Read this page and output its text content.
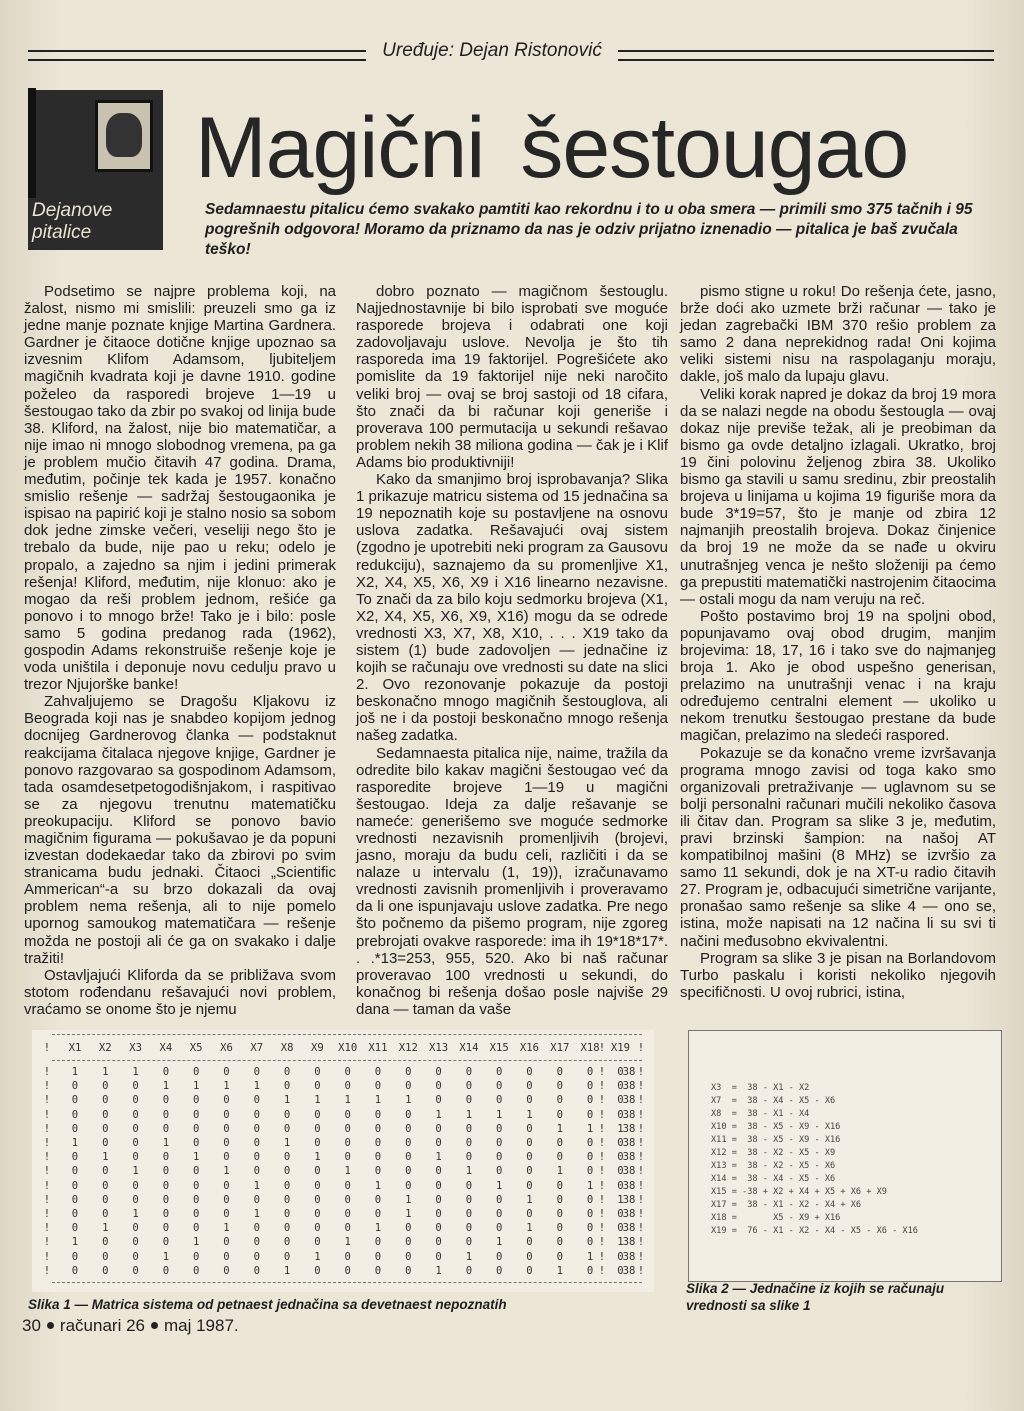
Uređuje: Dejan Ristonović
Dejanove
pitalice
Magični šestougao
Sedamnaestu pitalicu ćemo svakako pamtiti kao rekordnu i to u oba smera — primili smo 375 tačnih i 95 pogrešnih odgovora! Moramo da priznamo da nas je odziv prijatno iznenadio — pitalica je baš zvučala teško!

Podsetimo se najpre problema koji, na žalost, nismo mi smislili: preuzeli smo ga iz jedne manje poznate knjige Martina Gardnera. Gardner je čitaoce dotične knjige upoznao sa izvesnim Klifom Adamsom, ljubiteljem magičnih kvadrata koji je davne 1910. godine poželeo da rasporedi brojeve 1—19 u šestougao tako da zbir po svakoj od linija bude 38. Kliford, na žalost, nije bio matematičar, a nije imao ni mnogo slobodnog vremena, pa ga je problem mučio čitavih 47 godina. Drama, međutim, počinje tek kada je 1957. konačno smislio rešenje — sadržaj šestougaonika je ispisao na papirić koji je stalno nosio sa sobom dok jedne zimske večeri, veseliji nego što je trebalo da bude, nije pao u reku; odelo je propalo, a zajedno sa njim i jedini primerak rešenja! Kliford, međutim, nije klonuo: ako je mogao da reši problem jednom, rešiće ga ponovo i to mnogo brže! Tako je i bilo: posle samo 5 godina predanog rada (1962), gospodin Adams rekonstruiše rešenje koje je voda uništila i deponuje novu cedulju pravo u trezor Njujorške banke!

Zahvaljujemo se Dragošu Kljakovu iz Beograda koji nas je snabdeo kopijom jednog docnijeg Gardnerovog članka — podstaknut reakcijama čitalaca njegove knjige, Gardner je ponovo razgovarao sa gospodinom Adamsom, tada osamdesetpetogodišnjakom, i raspitivao se za njegovu trenutnu matematičku preokupaciju. Kliford se ponovo bavio magičnim figurama — pokušavao je da popuni izvestan dodekaedar tako da zbirovi po svim stranicama budu jednaki. Čitaoci „Scientific Ammerican“-a su brzo dokazali da ovaj problem nema rešenja, ali to nije pomelo upornog samoukog matematičara — rešenje možda ne postoji ali će ga on svakako i dalje tražiti!

Ostavljajući Kliforda da se približava svom stotom rođendanu rešavajući novi problem, vraćamo se onome što je njemu

dobro poznato — magičnom šestouglu. Najjednostavnije bi bilo isprobati sve moguće rasporede brojeva i odabrati one koji zadovoljavaju uslove. Nevolja je što tih rasporeda ima 19 faktorijel. Pogrešićete ako pomislite da 19 faktorijel nije neki naročito veliki broj — ovaj se broj sastoji od 18 cifara, što znači da bi računar koji generiše i proverava 100 permutacija u sekundi rešavao problem nekih 38 miliona godina — čak je i Klif Adams bio produktivniji!

Kako da smanjimo broj isprobavanja? Slika 1 prikazuje matricu sistema od 15 jednačina sa 19 nepoznatih koje su postavljene na osnovu uslova zadatka. Rešavajući ovaj sistem (zgodno je upotrebiti neki program za Gausovu redukciju), saznajemo da su promenljive X1, X2, X4, X5, X6, X9 i X16 linearno nezavisne. To znači da za bilo koju sedmorku brojeva (X1, X2, X4, X5, X6, X9, X16) mogu da se odrede vrednosti X3, X7, X8, X10, . . . X19 tako da sistem (1) bude zadovoljen — jednačine iz kojih se računaju ove vrednosti su date na slici 2. Ovo rezonovanje pokazuje da postoji beskonačno mnogo magičnih šestouglova, ali još ne i da postoji beskonačno mnogo rešenja našeg zadatka.

Sedamnaesta pitalica nije, naime, tražila da odredite bilo kakav magični šestougao već da rasporedite brojeve 1—19 u magični šestougao. Ideja za dalje rešavanje se nameće: generišemo sve moguće sedmorke vrednosti nezavisnih promenljivih (brojevi, jasno, moraju da budu celi, različiti i da se nalaze u intervalu (1, 19)), izračunavamo vrednosti zavisnih promenljivih i proveravamo da li one ispunjavaju uslove zadatka. Pre nego što počnemo da pišemo program, nije zgoreg prebrojati ovakve rasporede: ima ih 19*18*17*. . .*13=253, 955, 520. Ako bi naš računar proveravao 100 vrednosti u sekundi, do konačnog bi rešenja došao posle najviše 29 dana — taman da vaše

pismo stigne u roku! Do rešenja ćete, jasno, brže doći ako uzmete brži računar — tako je jedan zagrebački IBM 370 rešio problem za samo 2 dana neprekidnog rada! Oni kojima veliki sistemi nisu na raspolaganju moraju, dakle, još malo da lupaju glavu.

Veliki korak napred je dokaz da broj 19 mora da se nalazi negde na obodu šestougla — ovaj dokaz nije previše težak, ali je preobiman da bismo ga ovde detaljno izlagali. Ukratko, broj 19 čini polovinu željenog zbira 38. Ukoliko bismo ga stavili u samu sredinu, zbir preostalih brojeva u linijama u kojima 19 figuriše mora da bude 3*19=57, što je manje od zbira 12 najmanjih preostalih brojeva. Dokaz činjenice da broj 19 ne može da se nađe u okviru unutrašnjeg venca je nešto složeniji pa ćemo ga prepustiti matematički nastrojenim čitaocima — ostali mogu da nam veruju na reč.

Pošto postavimo broj 19 na spoljni obod, popunjavamo ovaj obod drugim, manjim brojevima: 18, 17, 16 i tako sve do najmanjeg broja 1. Ako je obod uspešno generisan, prelazimo na unutrašnji venac i na kraju određujemo centralni element — ukoliko u nekom trenutku šestougao prestane da bude magičan, prelazimo na sledeći raspored.

Pokazuje se da konačno vreme izvršavanja programa mnogo zavisi od toga kako smo organizovali pretraživanje — uglavnom su se bolji personalni računari mučili nekoliko časova ili čitav dan. Program sa slike 3 je, međutim, pravi brzinski šampion: na našoj AT kompatibilnoj mašini (8 MHz) se izvršio za samo 11 sekundi, dok je na XT-u radio čitavih 27. Program je, odbacujući simetrične varijante, pronašao samo rešenje sa slike 4 — ono se, istina, može napisati na 12 načina li su svi ti načini međusobno ekvivalentni.

Program sa slike 3 je pisan na Borlandovom Turbo paskalu i koristi nekoliko njegovih specifičnosti. U ovoj rubrici, istina,

!	!	!
X1	X2	X3	X4	X5	X6	X7	X8	X9	X10	X11	X12	X13	X14	X15	X16	X17	X18	X19
!	!	!
1	1	1	0	0	0	0	0	0	0	0	0	0	0	0	0	0	0	0 38
!	!	!
0	0	0	1	1	1	1	0	0	0	0	0	0	0	0	0	0	0	0 38
!	!	!
0	0	0	0	0	0	0	1	1	1	1	1	0	0	0	0	0	0	0 38
!	!	!
0	0	0	0	0	0	0	0	0	0	0	0	1	1	1	1	0	0	0 38
!	!	!
0	0	0	0	0	0	0	0	0	0	0	0	0	0	0	0	1	1	1 38
!	!	!
1	0	0	1	0	0	0	1	0	0	0	0	0	0	0	0	0	0	0 38
!	!	!
0	1	0	0	1	0	0	0	1	0	0	0	1	0	0	0	0	0	0 38
!	!	!
0	0	1	0	0	1	0	0	0	1	0	0	0	1	0	0	1	0	0 38
!	!	!
0	0	0	0	0	0	1	0	0	0	1	0	0	0	1	0	0	1	0 38
!	!	!
0	0	0	0	0	0	0	0	0	0	0	1	0	0	0	1	0	0	1 38
!	!	!
0	0	1	0	0	0	1	0	0	0	0	1	0	0	0	0	0	0	0 38
!	!	!
0	1	0	0	0	1	0	0	0	0	1	0	0	0	0	1	0	0	0 38
!	!	!
1	0	0	0	1	0	0	0	0	1	0	0	0	0	1	0	0	0	1 38
!	!	!
0	0	0	1	0	0	0	0	1	0	0	0	0	1	0	0	0	1	0 38
!	!	!
0	0	0	0	0	0	0	1	0	0	0	0	1	0	0	0	1	0	0 38
X3  =  38 - X1 - X2
X7  =  38 - X4 - X5 - X6
X8  =  38 - X1 - X4
X10 =  38 - X5 - X9 - X16
X11 =  38 - X5 - X9 - X16
X12 =  38 - X2 - X5 - X9
X13 =  38 - X2 - X5 - X6
X14 =  38 - X4 - X5 - X6
X15 = -38 + X2 + X4 + X5 + X6 + X9
X17 =  38 - X1 - X2 - X4 + X6
X18 =       X5 - X9 + X16
X19 =  76 - X1 - X2 - X4 - X5 - X6 - X16
Slika 1 — Matrica sistema od petnaest jednačina sa devetnaest nepoznatih
Slika 2 — Jednačine iz kojih se računaju vrednosti sa slike 1
30 računari 26 maj 1987.
